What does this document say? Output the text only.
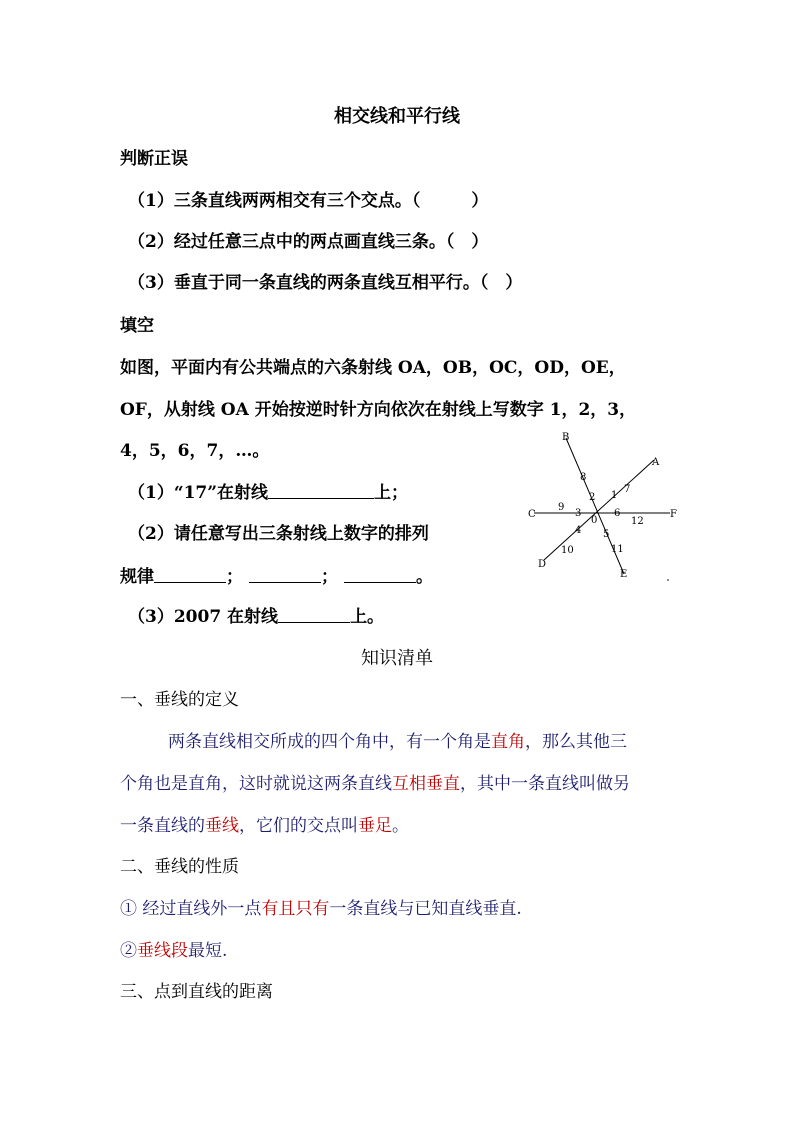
相交线和平行线
判断正误
（1）三条直线两两相交有三个交点。（　　　）
（2）经过任意三点中的两点画直线三条。（　）
（3）垂直于同一条直线的两条直线互相平行。（　）
填空
如图，平面内有公共端点的六条射线 OA，OB，OC，OD，OE，
OF，从射线 OA 开始按逆时针方向依次在射线上写数字 1，2，3，
4，5，6，7，…。
（1）“17”在射线	上；
（2）请任意写出三条射线上数字的排列
规律	；	；	。
（3）2007 在射线	上。
B
A
C	F
D
E
0
8
2 1
7
9
3	6
12
4 5
10	11
知识清单
一、垂线的定义
两条直线相交所成的四个角中，有一个角是直角，那么其他三
个角也是直角，这时就说这两条直线互相垂直，其中一条直线叫做另
一条直线的垂线，它们的交点叫垂足。
二、垂线的性质
① 经过直线外一点有且只有一条直线与已知直线垂直.
②垂线段最短.
三、点到直线的距离
